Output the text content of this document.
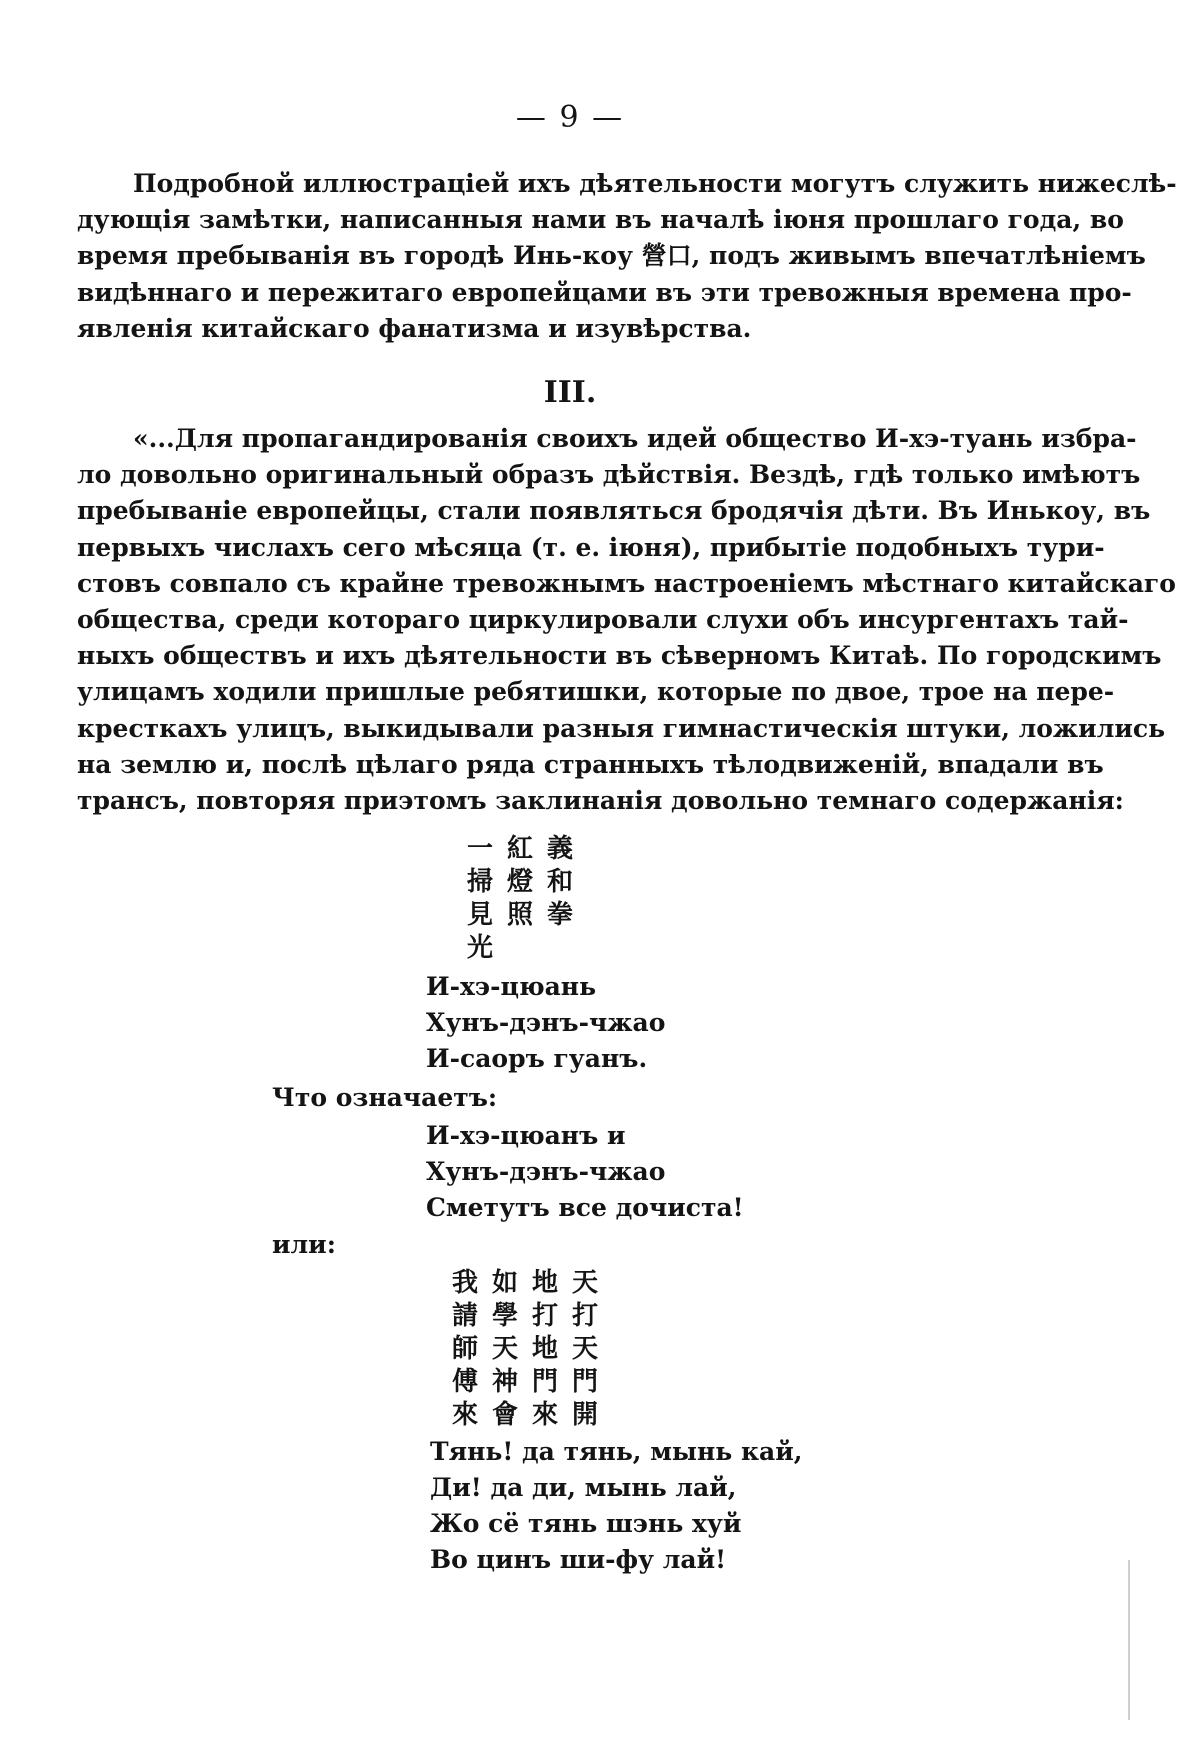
— 9 —
Подробной иллюстраціей ихъ дѣятельности могутъ служить нижеслѣ-
дующія замѣтки, написанныя нами въ началѣ іюня прошлаго года, во
время пребыванія въ городѣ Инь-коу 營口, подъ живымъ впечатлѣніемъ
видѣннаго и пережитаго европейцами въ эти тревожныя времена про-
явленія китайскаго фанатизма и изувѣрства.
III.
«...Для пропагандированія своихъ идей общество И-хэ-туань избра-
ло довольно оригинальный образъ дѣйствія. Вездѣ, гдѣ только имѣютъ
пребываніе европейцы, стали появляться бродячія дѣти. Въ Инькоу, въ
первыхъ числахъ сего мѣсяца (т. е. іюня), прибытіе подобныхъ тури-
стовъ совпало съ крайне тревожнымъ настроеніемъ мѣстнаго китайскаго
общества, среди котораго циркулировали слухи объ инсургентахъ тай-
ныхъ обществъ и ихъ дѣятельности въ сѣверномъ Китаѣ. По городскимъ
улицамъ ходили пришлые ребятишки, которые по двое, трое на пере-
кресткахъ улицъ, выкидывали разныя гимнастическія штуки, ложились
на землю и, послѣ цѣлаго ряда странныхъ тѣлодвиженій, впадали въ
трансъ, повторяя приэтомъ заклинанія довольно темнаго содержанія:
一紅義
掃燈和
見照拳
光
И-хэ-цюань
Хунъ-дэнъ-чжао
И-саоръ гуанъ.
Что означаетъ:
И-хэ-цюанъ и
Хунъ-дэнъ-чжао
Сметутъ все дочиста!
или:
我如地天
請學打打
師天地天
傅神門門
來會來開
Тянь! да тянь, мынь кай,
Ди! да ди, мынь лай,
Жо сё тянь шэнь хуй
Во цинъ ши-фу лай!
